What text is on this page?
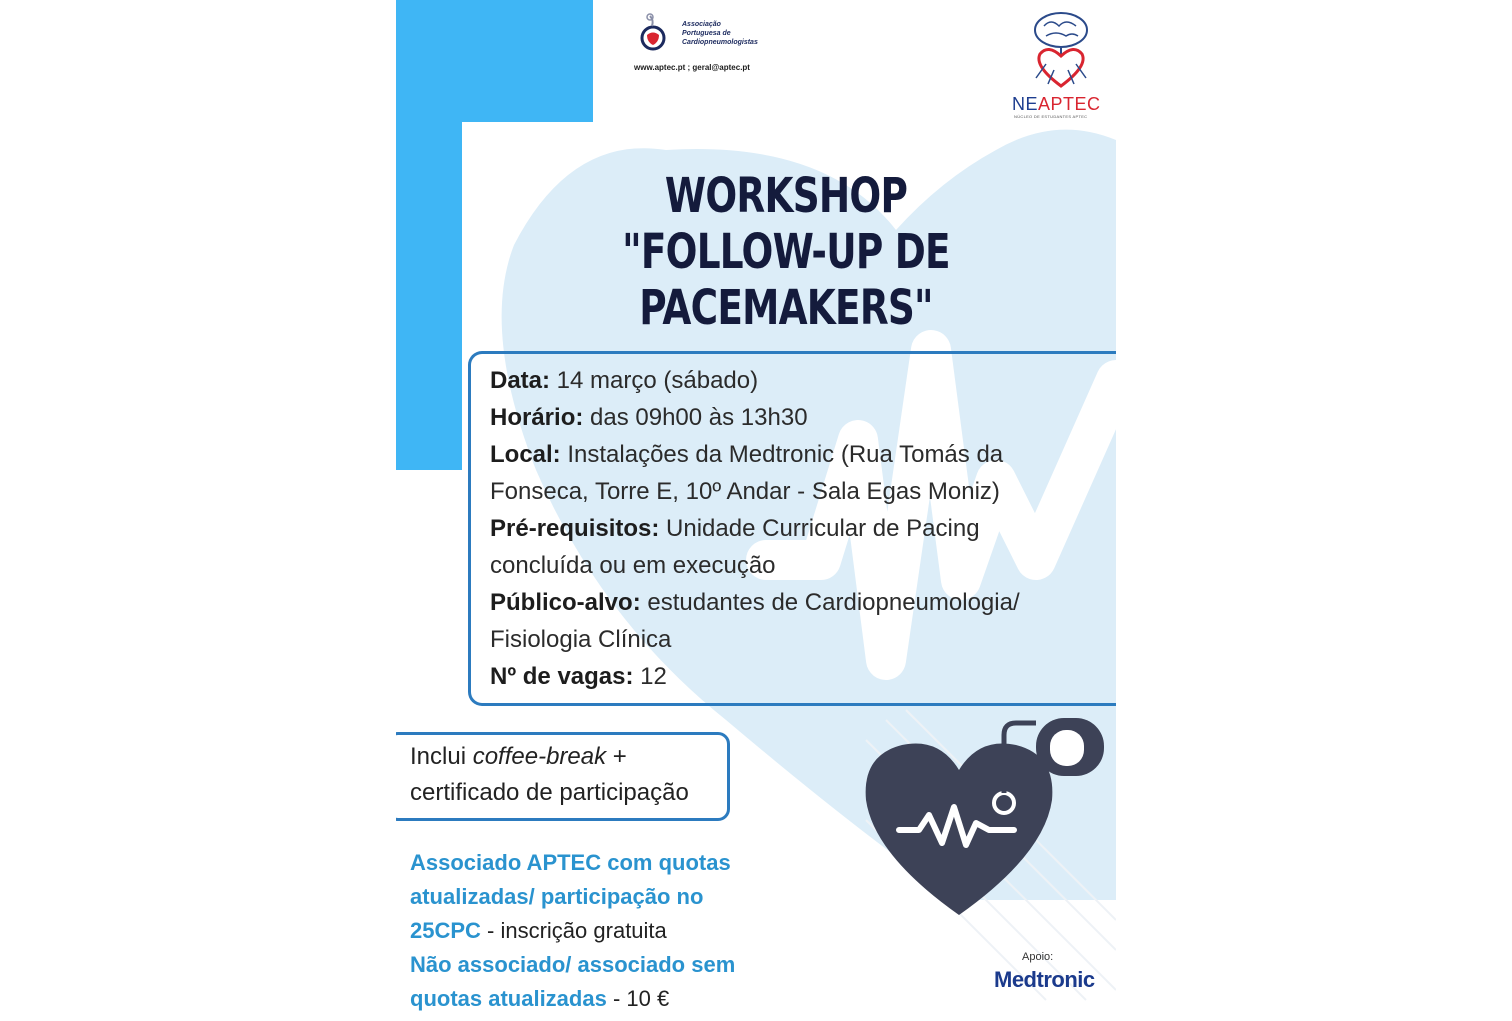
Associação
Portuguesa de
Cardiopneumologistas
www.aptec.pt ; geral@aptec.pt
NEAPTEC
NÚCLEO DE ESTUDANTES APTEC
WORKSHOP "FOLLOW-UP DE
PACEMAKERS"

Data: 14 março (sábado)

Horário: das 09h00 às 13h30

Local: Instalações da Medtronic (Rua Tomás da

Fonseca, Torre E, 10º Andar - Sala Egas Moniz)

Pré-requisitos: Unidade Curricular de Pacing

concluída ou em execução

Público-alvo: estudantes de Cardiopneumologia/

Fisiologia Clínica

Nº de vagas: 12

Inclui coffee-break +

certificado de participação

Associado APTEC com quotas

atualizadas/ participação no

25CPC - inscrição gratuita

Não associado/ associado sem

quotas atualizadas - 10 €

Apoio:
Medtronic
